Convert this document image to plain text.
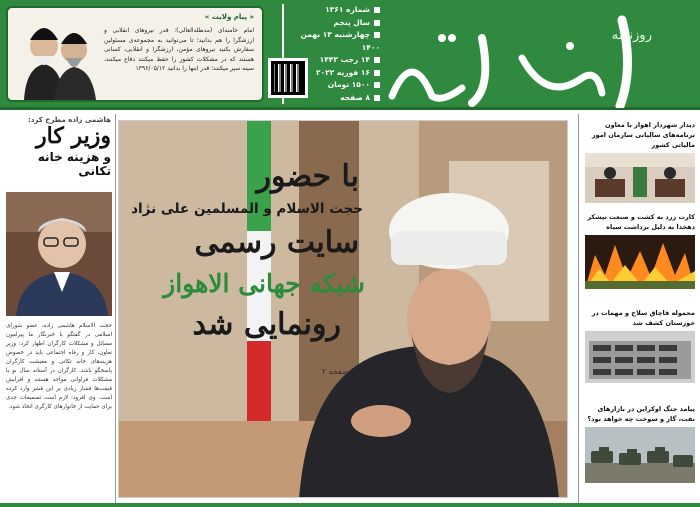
روزنامه
شماره ۱۳۶۱
سال پنجم
چهارشنبه ۱۳ بهمن ۱۴۰۰
۱۴ رجب ۱۴۴۳
۱۶ فوریه ۲۰۲۲
۱۵۰۰ تومان
۸ صفحه
« پیام ولایت »
امام خامنه‌ای (مدظله‌العالی): قدر نیروهای انقلابی و ارزشگرا را هم بدانید؛ تا می‌توانید به مجموعه‌ی مسئولین سفارش بکنید نیروهای مؤمن، ارزشگرا و انقلابی، کسانی هستند که در مشکلات کشور را حفظ میکنند دفاع میکنند، سینه سپر میکنند؛ قدر اینها را بدانید ۱۳۹۶/۰۵/۱۲
هاشمی زاده مطرح کرد:
وزیر کار
و هزینه خانه تکانی
حجت الاسلام هاشمی زاده، عضو شورای اسلامی در گفتگو با خبرنگار ما پیرامون مسائل و مشکلات کارگران اظهار کرد: وزیر تعاون، کار و رفاه اجتماعی باید در خصوص هزینه‌های خانه تکانی و معیشت کارگران پاسخگو باشد. کارگران در آستانه سال نو با مشکلات فراوانی مواجه هستند و افزایش قیمت‌ها فشار زیادی بر این قشر وارد کرده است. وی افزود: لازم است تصمیمات جدی برای حمایت از خانوارهای کارگری اتخاذ شود.
با حضور
حجت الاسلام و المسلمین علی نژاد
سایت رسمی
شبکه جهانی الاهواز
رونمایی شد
صفحه ۲
دیدار شهردار اهواز با معاون برنامه‌های سالیانی سازمان امور مالیاتی کشور
کارت زرد به کشت و صنعت نیشکر دهخدا به دلیل برداشت سیاه
محموله قاچاق سلاح و مهمات در خوزستان کشف شد
پیامد جنگ اوکراین در بازارهای نفت، گاز و سوخت چه خواهد بود؟
